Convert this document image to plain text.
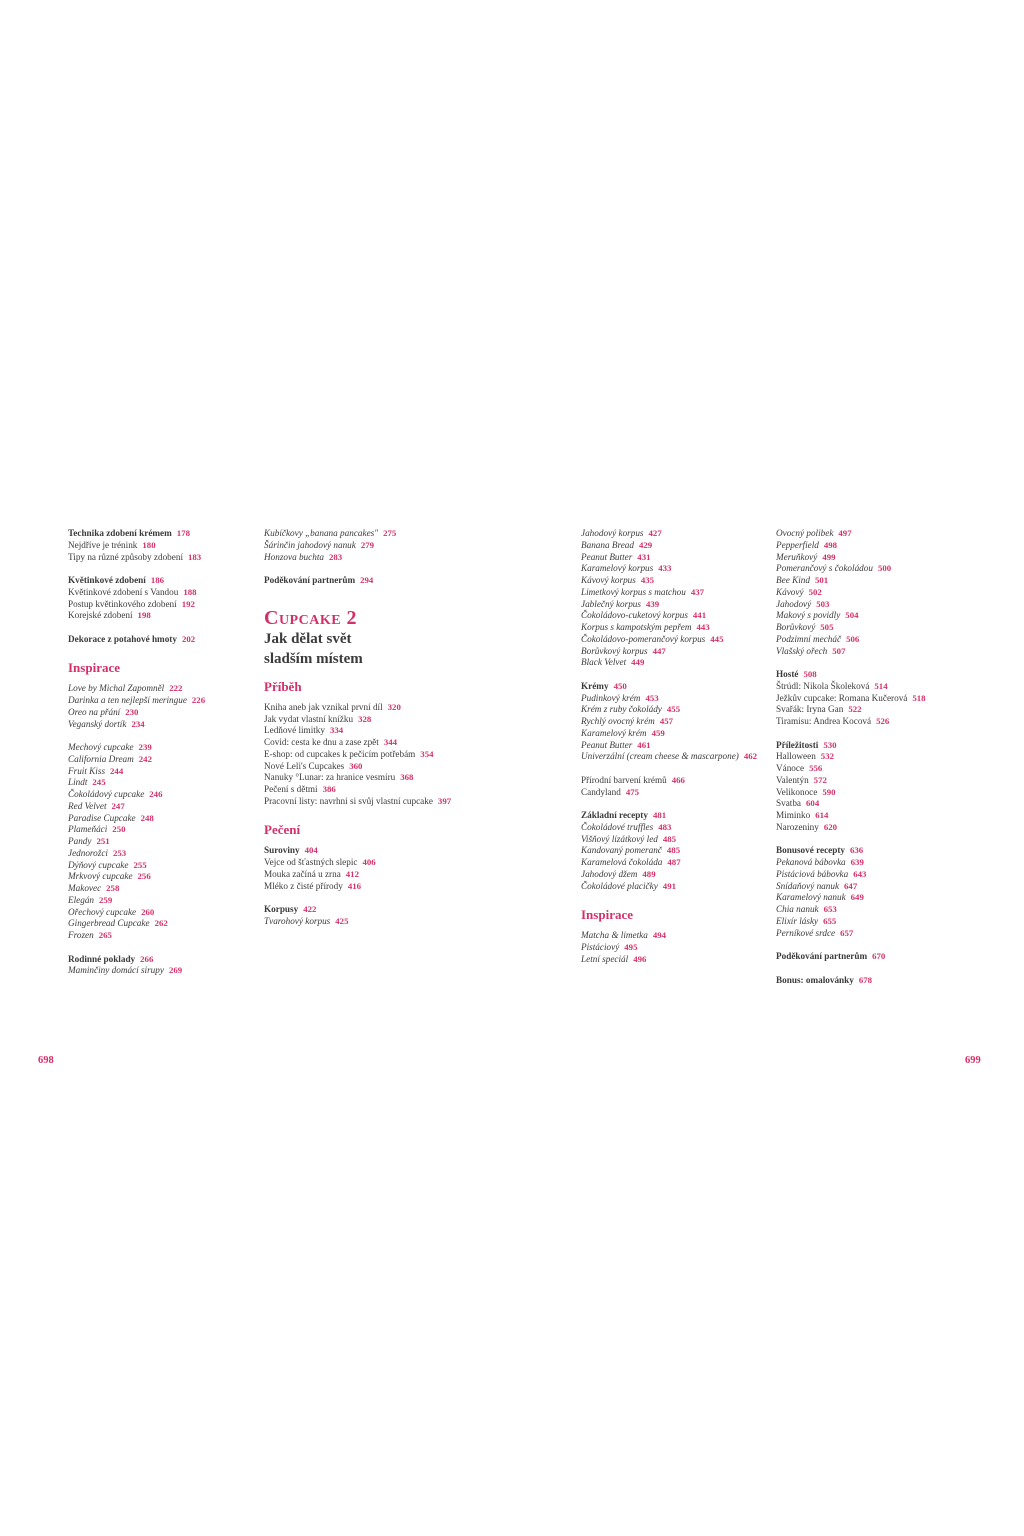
Technika zdobení krémem 178
Nejdříve je trénink 180
Tipy na různé způsoby zdobení 183
Květinkové zdobení 186
Květinkové zdobení s Vandou 188
Postup květinkového zdobení 192
Korejské zdobení 198
Dekorace z potahové hmoty 202
Inspirace
Love by Michal Zapomněl 222
Darinka a ten nejlepší meringue 226
Oreo na přání 230
Veganský dortík 234
Mechový cupcake 239
California Dream 242
Fruit Kiss 244
Lindt 245
Čokoládový cupcake 246
Red Velvet 247
Paradise Cupcake 248
Plameňáci 250
Pandy 251
Jednorožci 253
Dýňový cupcake 255
Mrkvový cupcake 256
Makovec 258
Elegán 259
Ořechový cupcake 260
Gingerbread Cupcake 262
Frozen 265
Rodinné poklady 266
Maminčiny domácí sirupy 269
Kubíčkovy „banana pancakes" 275
Šárinčin jahodový nanuk 279
Honzova buchta 283
Poděkování partnerům 294
Cupcake 2
Jak dělat svět
sladším místem
Příběh
Kniha aneb jak vznikal první díl 320
Jak vydat vlastní knížku 328
Ledňové limitky 334
Covid: cesta ke dnu a zase zpět 344
E-shop: od cupcakes k pečicím potřebám 354
Nové Leli's Cupcakes 360
Nanuky °Lunar: za hranice vesmíru 368
Pečení s dětmi 386
Pracovní listy: navrhni si svůj vlastní cupcake 397
Pečení
Suroviny 404
Vejce od šťastných slepic 406
Mouka začíná u zrna 412
Mléko z čisté přírody 416
Korpusy 422
Tvarohový korpus 425
Jahodový korpus 427
Banana Bread 429
Peanut Butter 431
Karamelový korpus 433
Kávový korpus 435
Limetkový korpus s matchou 437
Jablečný korpus 439
Čokoládovo-cuketový korpus 441
Korpus s kampotským pepřem 443
Čokoládovo-pomerančový korpus 445
Borůvkový korpus 447
Black Velvet 449
Krémy 450
Pudinkový krém 453
Krém z ruby čokolády 455
Rychlý ovocný krém 457
Karamelový krém 459
Peanut Butter 461
Univerzální (cream cheese & mascarpone) 462
Přírodní barvení krémů 466
Candyland 475
Základní recepty 481
Čokoládové truffles 483
Višňový lízátkový led 485
Kandovaný pomeranč 485
Karamelová čokoláda 487
Jahodový džem 489
Čokoládové placičky 491
Inspirace
Matcha & limetka 494
Pistáciový 495
Letní speciál 496
Ovocný polibek 497
Pepperfield 498
Meruňkový 499
Pomerančový s čokoládou 500
Bee Kind 501
Kávový 502
Jahodový 503
Makový s povidly 504
Borůvkový 505
Podzimní mecháč 506
Vlašský ořech 507
Hosté 508
Štrúdl: Nikola Školeková 514
Ježkův cupcake: Romana Kučerová 518
Svařák: Iryna Gan 522
Tiramisu: Andrea Kocová 526
Příležitosti 530
Halloween 532
Vánoce 556
Valentýn 572
Velikonoce 590
Svatba 604
Miminko 614
Narozeniny 620
Bonusové recepty 636
Pekanová bábovka 639
Pistáciová bábovka 643
Snídaňový nanuk 647
Karamelový nanuk 649
Chia nanuk 653
Elixír lásky 655
Perníkové srdce 657
Poděkování partnerům 670
Bonus: omalovánky 678
698	699
